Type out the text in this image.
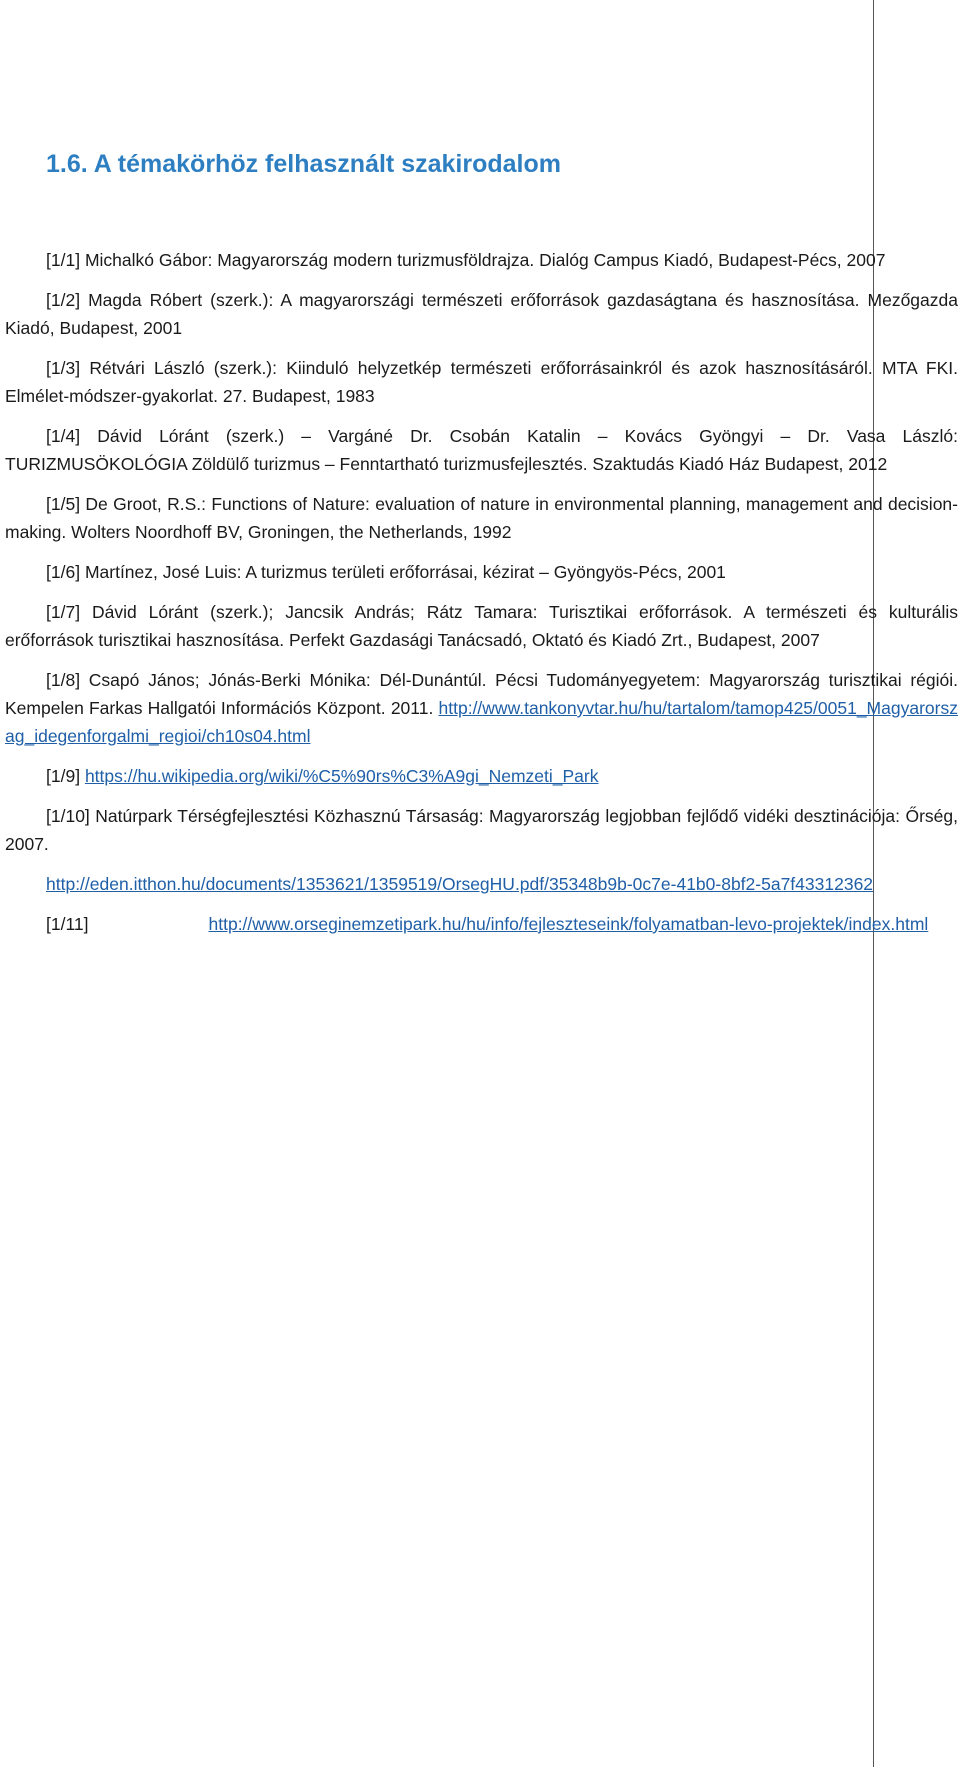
1.6. A témakörhöz felhasznált szakirodalom

[1/1] Michalkó Gábor: Magyarország modern turizmusföldrajza. Dialóg Campus Kiadó, Budapest-Pécs, 2007

[1/2] Magda Róbert (szerk.): A magyarországi természeti erőforrások gazdaságtana és hasznosítása. Mezőgazda Kiadó, Budapest, 2001

[1/3] Rétvári László (szerk.): Kiinduló helyzetkép természeti erőforrásainkról és azok hasznosításáról. MTA FKI. Elmélet-módszer-gyakorlat. 27. Budapest, 1983

[1/4] Dávid Lóránt (szerk.) – Vargáné Dr. Csobán Katalin – Kovács Gyöngyi – Dr. Vasa László: TURIZMUSÖKOLÓGIA Zöldülő turizmus – Fenntartható turizmusfejlesztés. Szaktudás Kiadó Ház Budapest, 2012

[1/5] De Groot, R.S.: Functions of Nature: evaluation of nature in environmental planning, management and decision-making. Wolters Noordhoff BV, Groningen, the Netherlands, 1992

[1/6] Martínez, José Luis: A turizmus területi erőforrásai, kézirat – Gyöngyös-Pécs, 2001

[1/7] Dávid Lóránt (szerk.); Jancsik András; Rátz Tamara: Turisztikai erőforrások. A természeti és kulturális erőforrások turisztikai hasznosítása. Perfekt Gazdasági Tanácsadó, Oktató és Kiadó Zrt., Budapest, 2007

[1/8] Csapó János; Jónás-Berki Mónika: Dél-Dunántúl. Pécsi Tudományegyetem: Magyarország turisztikai régiói. Kempelen Farkas Hallgatói Információs Központ. 2011. http://www.tankonyvtar.hu/hu/tartalom/tamop425/0051_Magyarorszag_idegenforgalmi_regioi/ch10s04.html

[1/9] https://hu.wikipedia.org/wiki/%C5%90rs%C3%A9gi_Nemzeti_Park

[1/10] Natúrpark Térségfejlesztési Közhasznú Társaság: Magyarország legjobban fejlődő vidéki desztinációja: Őrség, 2007.

http://eden.itthon.hu/documents/1353621/1359519/OrsegHU.pdf/35348b9b-0c7e-41b0-8bf2-5a7f43312362

[1/11]	http://www.orseginemzetipark.hu/hu/info/fejleszteseink/folyamatban-levo-projektek/index.html
